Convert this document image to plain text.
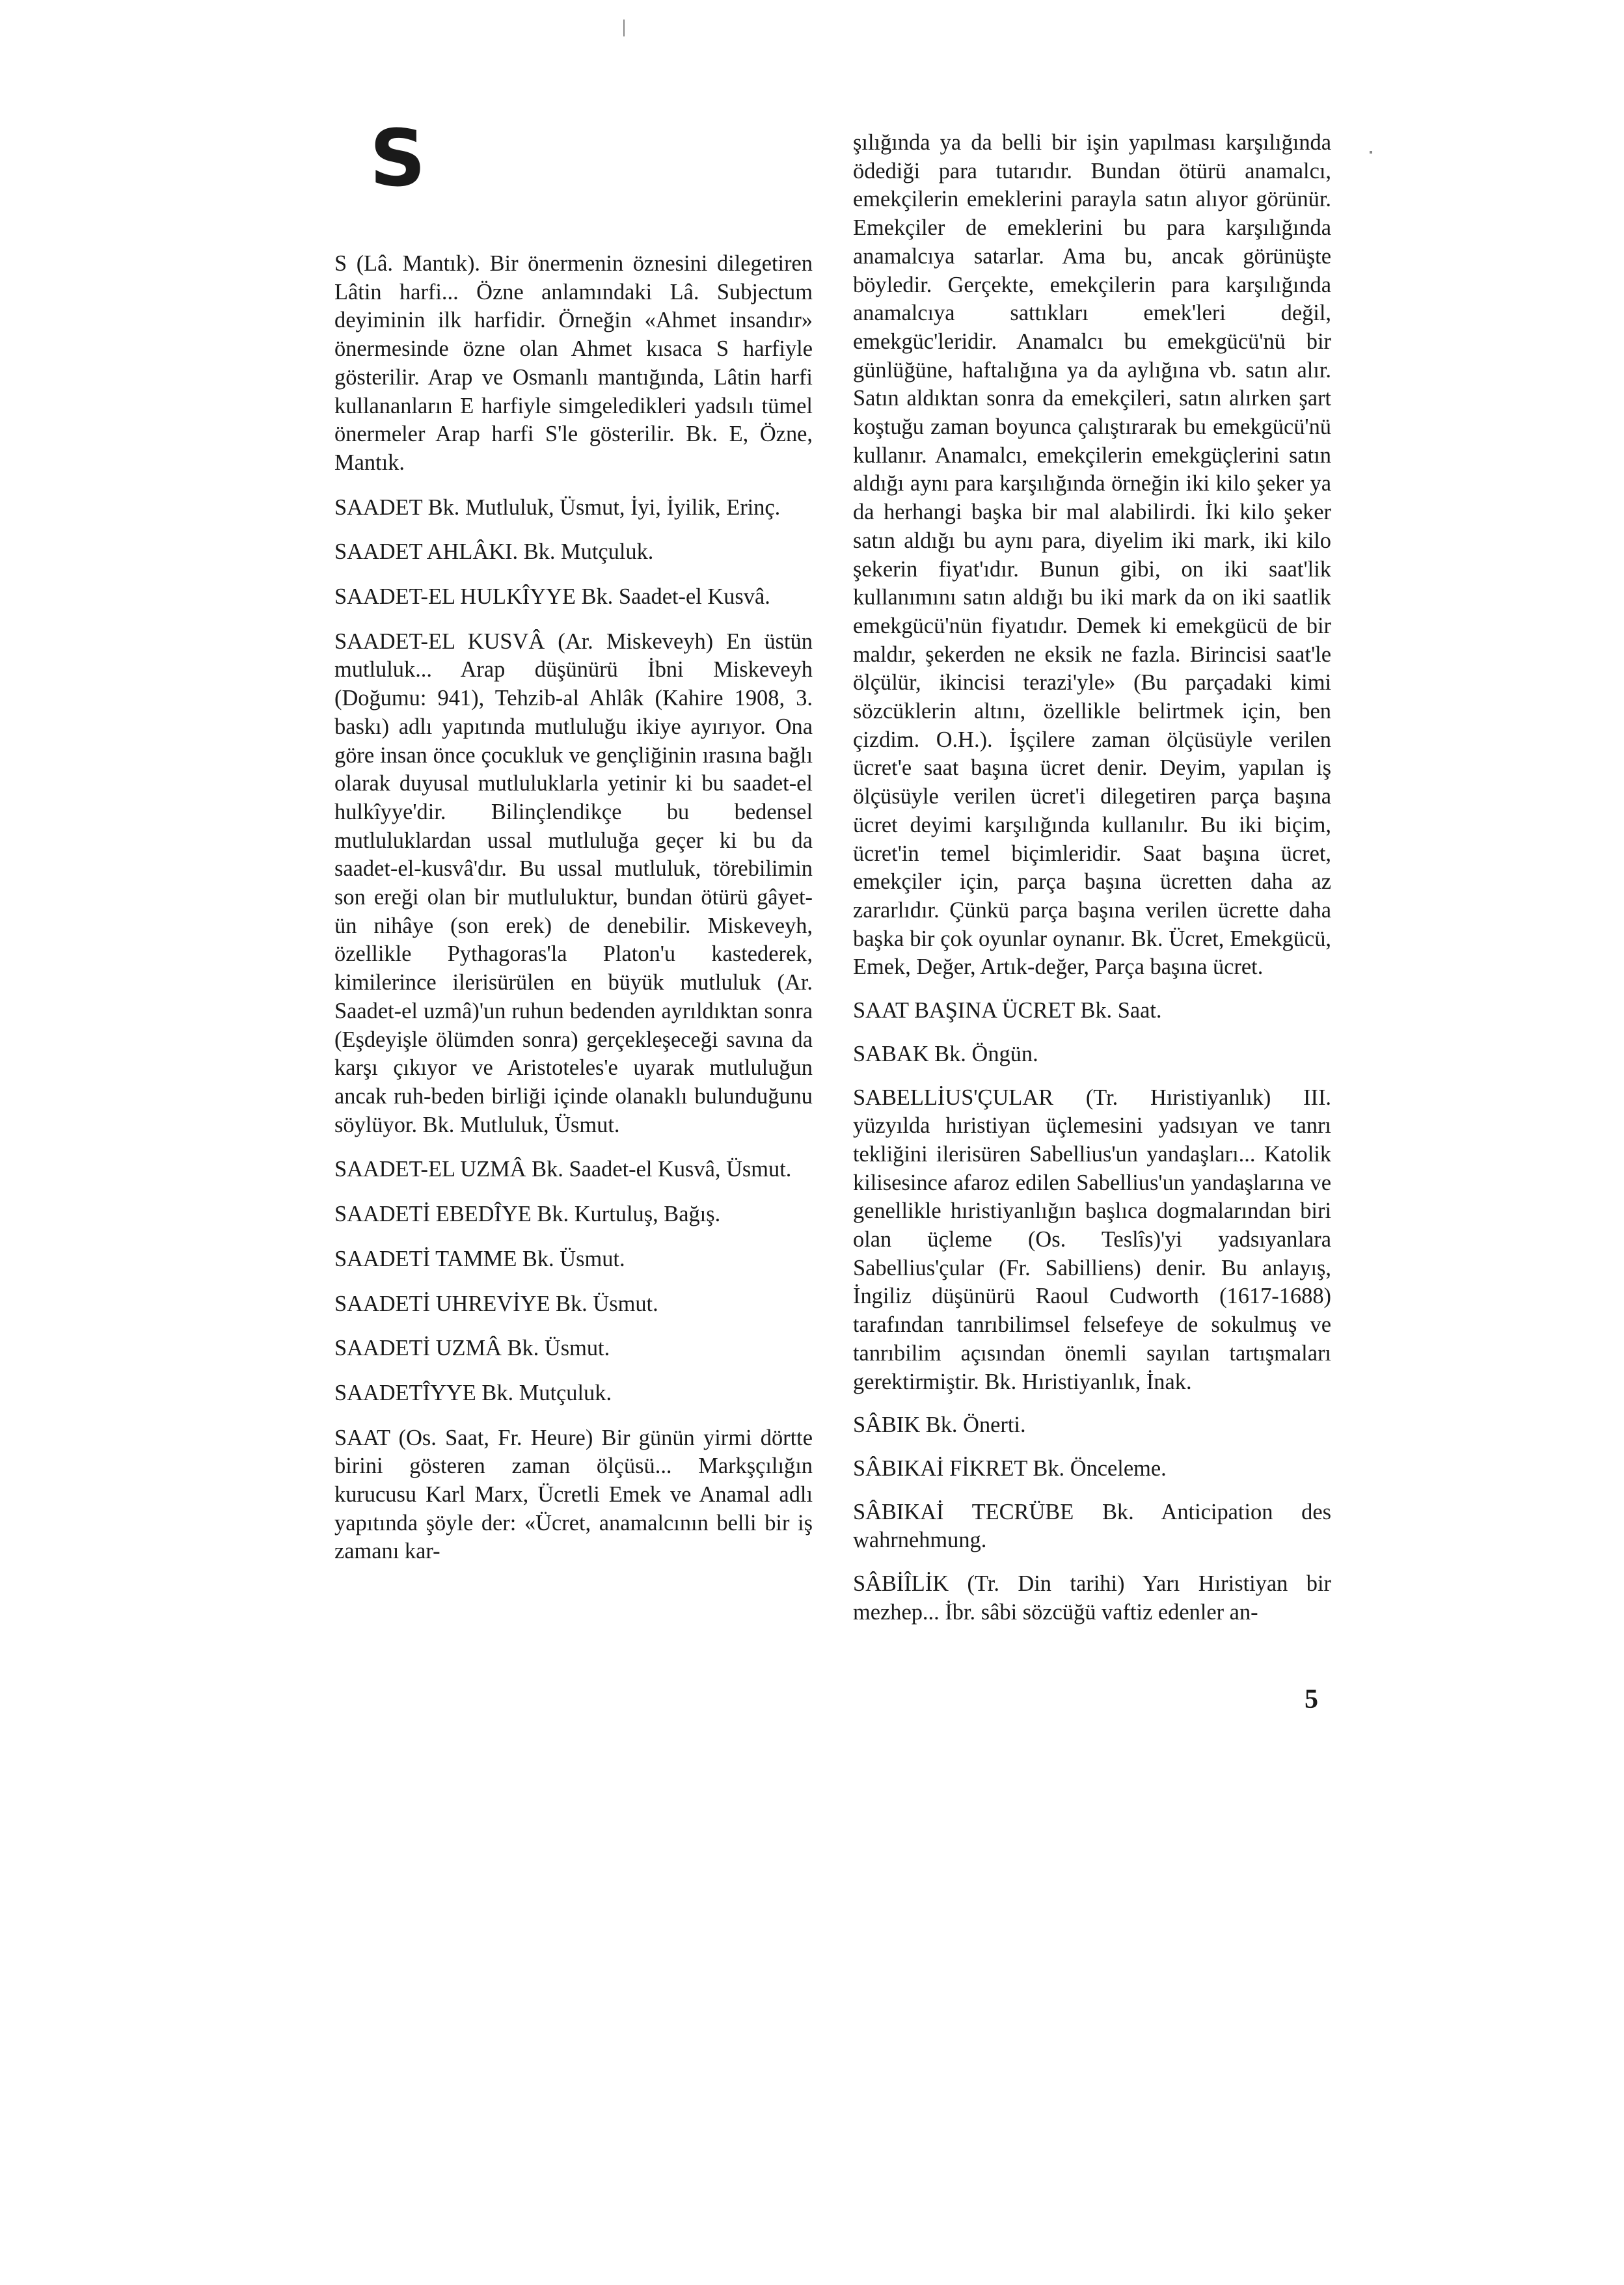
S

S (Lâ. Mantık). Bir önermenin öznesini dilegetiren Lâtin harfi... Özne anlamındaki Lâ. Subjectum deyiminin ilk harfidir. Örneğin «Ahmet insandır» önermesinde özne olan Ahmet kısaca S harfiyle gösterilir. Arap ve Osmanlı mantığında, Lâtin harfi kullananların E harfiyle simgeledikleri yadsılı tümel önermeler Arap harfi S'le gösterilir. Bk. E, Özne, Mantık.

SAADET Bk. Mutluluk, Üsmut, İyi, İyilik, Erinç.

SAADET AHLÂKI. Bk. Mutçuluk.

SAADET-EL HULKÎYYE Bk. Saadet-el Kusvâ.

SAADET-EL KUSVÂ (Ar. Miskeveyh) En üstün mutluluk... Arap düşünürü İbni Miskeveyh (Doğumu: 941), Tehzib-al Ahlâk (Kahire 1908, 3. baskı) adlı yapıtında mutluluğu ikiye ayırıyor. Ona göre insan önce çocukluk ve gençliğinin ırasına bağlı olarak duyusal mutluluklarla yetinir ki bu saadet-el hulkîyye'dir. Bilinçlendikçe bu bedensel mutluluklardan ussal mutluluğa geçer ki bu da saadet-el-kusvâ'dır. Bu ussal mutluluk, törebilimin son ereği olan bir mutluluktur, bundan ötürü gâyet-ün nihâye (son erek) de denebilir. Miskeveyh, özellikle Pythagoras'la Platon'u kastederek, kimilerince ilerisürülen en büyük mutluluk (Ar. Saadet-el uzmâ)'un ruhun bedenden ayrıldıktan sonra (Eşdeyişle ölümden sonra) gerçekleşeceği savına da karşı çıkıyor ve Aristoteles'e uyarak mutluluğun ancak ruh-beden birliği içinde olanaklı bulunduğunu söylüyor. Bk. Mutluluk, Üsmut.

SAADET-EL UZMÂ Bk. Saadet-el Kusvâ, Üsmut.

SAADETİ EBEDÎYE Bk. Kurtuluş, Bağış.

SAADETİ TAMME Bk. Üsmut.

SAADETİ UHREVİYE Bk. Üsmut.

SAADETİ UZMÂ Bk. Üsmut.

SAADETÎYYE Bk. Mutçuluk.

SAAT (Os. Saat, Fr. Heure) Bir günün yirmi dörtte birini gösteren zaman ölçüsü... Markşçılığın kurucusu Karl Marx, Ücretli Emek ve Anamal adlı yapıtında şöyle der: «Ücret, anamalcının belli bir iş zamanı kar-

şılığında ya da belli bir işin yapılması karşılığında ödediği para tutarıdır. Bundan ötürü anamalcı, emekçilerin emeklerini parayla satın alıyor görünür. Emekçiler de emeklerini bu para karşılığında anamalcıya satarlar. Ama bu, ancak görünüşte böyledir. Gerçekte, emekçilerin para karşılığında anamalcıya sattıkları emek'leri değil, emekgüc'leridir. Anamalcı bu emekgücü'nü bir günlüğüne, haftalığına ya da aylığına vb. satın alır. Satın aldıktan sonra da emekçileri, satın alırken şart koştuğu zaman boyunca çalıştırarak bu emekgücü'nü kullanır. Anamalcı, emekçilerin emekgüçlerini satın aldığı aynı para karşılığında örneğin iki kilo şeker ya da herhangi başka bir mal alabilirdi. İki kilo şeker satın aldığı bu aynı para, diyelim iki mark, iki kilo şekerin fiyat'ıdır. Bunun gibi, on iki saat'lik kullanımını satın aldığı bu iki mark da on iki saatlik emekgücü'nün fiyatıdır. Demek ki emekgücü de bir maldır, şekerden ne eksik ne fazla. Birincisi saat'le ölçülür, ikincisi terazi'yle» (Bu parçadaki kimi sözcüklerin altını, özellikle belirtmek için, ben çizdim. O.H.). İşçilere zaman ölçüsüyle verilen ücret'e saat başına ücret denir. Deyim, yapılan iş ölçüsüyle verilen ücret'i dilegetiren parça başına ücret deyimi karşılığında kullanılır. Bu iki biçim, ücret'in temel biçimleridir. Saat başına ücret, emekçiler için, parça başına ücretten daha az zararlıdır. Çünkü parça başına verilen ücrette daha başka bir çok oyunlar oynanır. Bk. Ücret, Emekgücü, Emek, Değer, Artık-değer, Parça başına ücret.

SAAT BAŞINA ÜCRET Bk. Saat.

SABAK Bk. Öngün.

SABELLİUS'ÇULAR (Tr. Hıristiyanlık) III. yüzyılda hıristiyan üçlemesini yadsıyan ve tanrı tekliğini ilerisüren Sabellius'un yandaşları... Katolik kilisesince afaroz edilen Sabellius'un yandaşlarına ve genellikle hıristiyanlığın başlıca dogmalarından biri olan üçleme (Os. Teslîs)'yi yadsıyanlara Sabellius'çular (Fr. Sabilliens) denir. Bu anlayış, İngiliz düşünürü Raoul Cudworth (1617-1688) tarafından tanrıbilimsel felsefeye de sokulmuş ve tanrıbilim açısından önemli sayılan tartışmaları gerektirmiştir. Bk. Hıristiyanlık, İnak.

SÂBIK Bk. Önerti.

SÂBIKAİ FİKRET Bk. Önceleme.

SÂBIKAİ TECRÜBE Bk. Anticipation des wahrnehmung.

SÂBİÎLİK (Tr. Din tarihi) Yarı Hıristiyan bir mezhep... İbr. sâbi sözcüğü vaftiz edenler an-

5
